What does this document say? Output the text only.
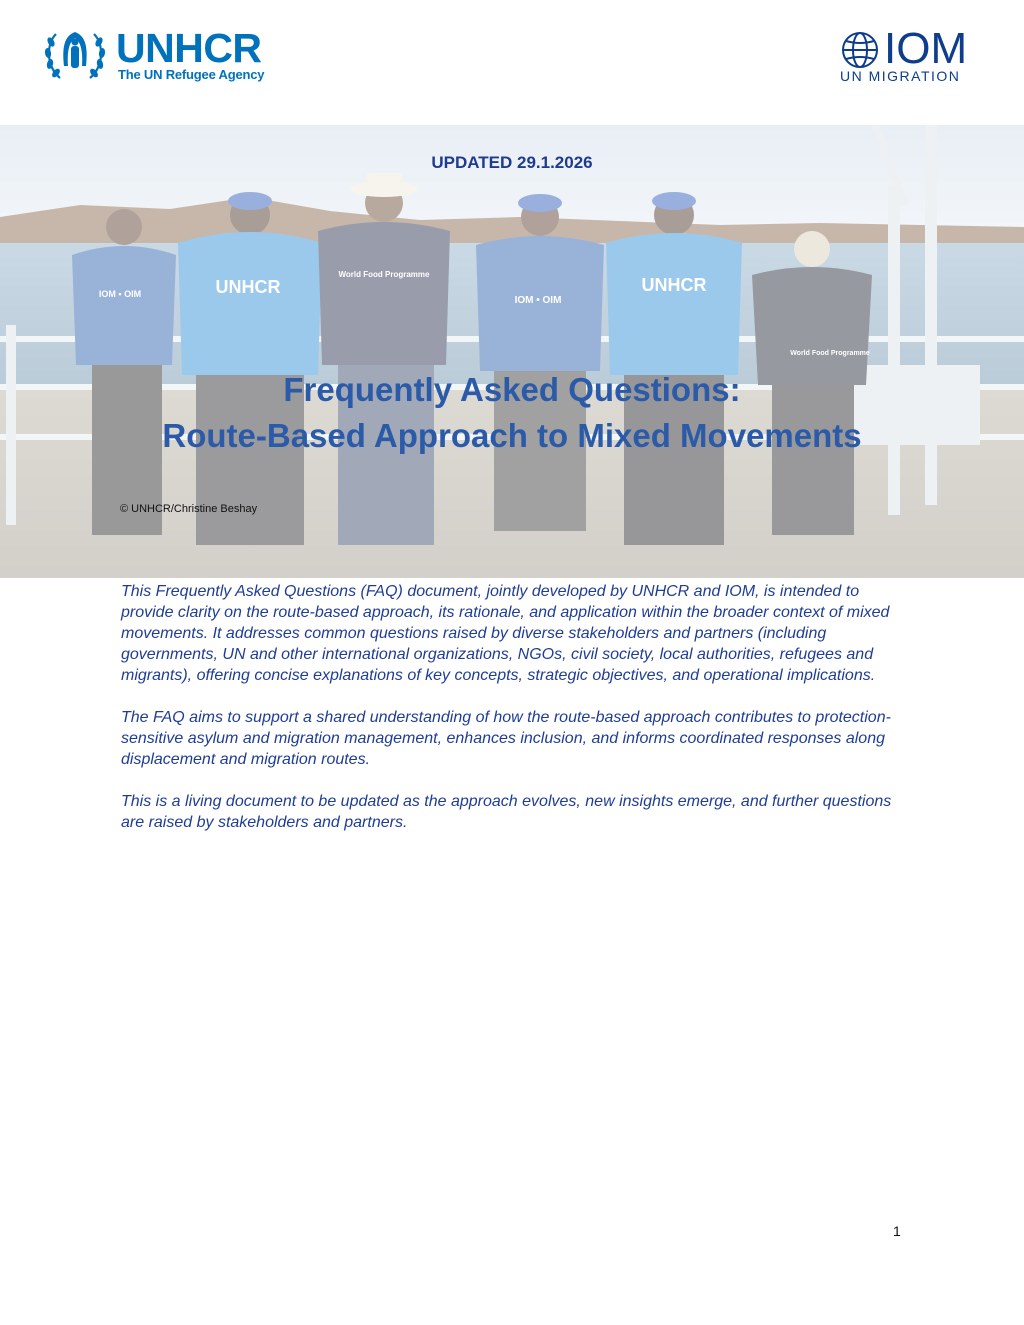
UNHCR
The UN Refugee Agency
IOM
UN MIGRATION
UPDATED 29.1.2026
Frequently Asked Questions:
Route-Based Approach to Mixed Movements
© UNHCR/Christine Beshay

This Frequently Asked Questions (FAQ) document, jointly developed by UNHCR and IOM, is intended to provide clarity on the route-based approach, its rationale, and application within the broader context of mixed movements. It addresses common questions raised by diverse stakeholders and partners (including governments, UN and other international organizations, NGOs, civil society, local authorities, refugees and migrants), offering concise explanations of key concepts, strategic objectives, and operational implications.

The FAQ aims to support a shared understanding of how the route-based approach contributes to protection-sensitive asylum and migration management, enhances inclusion, and informs coordinated responses along displacement and migration routes.

This is a living document to be updated as the approach evolves, new insights emerge, and further questions are raised by stakeholders and partners.

1
